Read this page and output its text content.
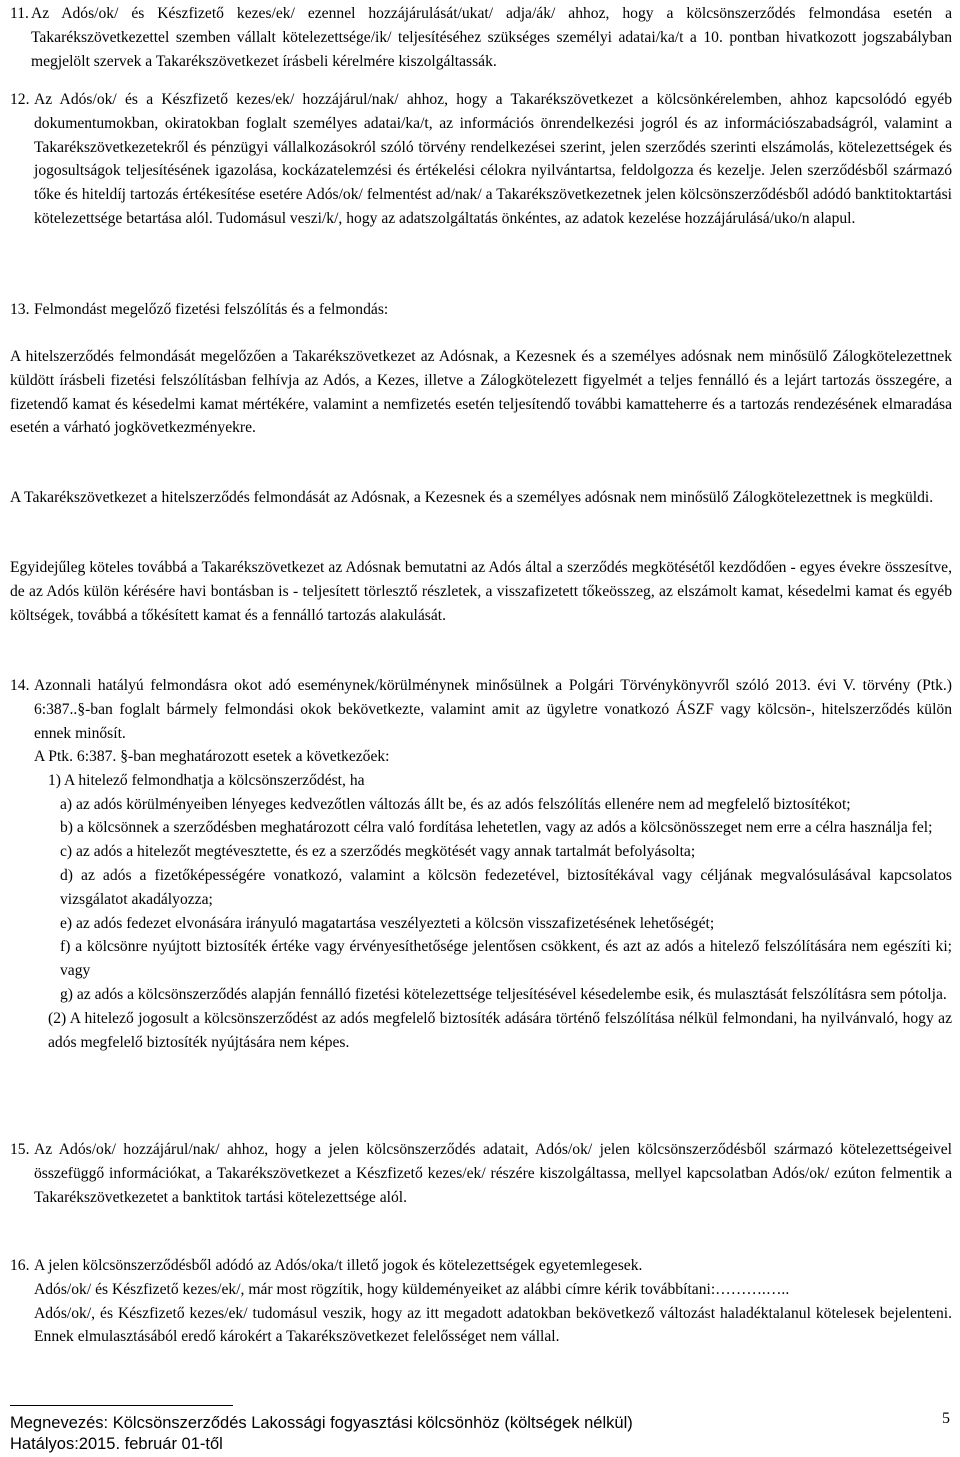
11. Az Adós/ok/ és Készfizető kezes/ek/ ezennel hozzájárulását/ukat/ adja/ák/ ahhoz, hogy a kölcsönszerződés felmondása esetén a Takarékszövetkezettel szemben vállalt kötelezettsége/ik/ teljesítéséhez szükséges személyi adatai/ka/t a 10. pontban hivatkozott jogszabályban megjelölt szervek a Takarékszövetkezet írásbeli kérelmére kiszolgáltassák.
12. Az Adós/ok/ és a Készfizető kezes/ek/ hozzájárul/nak/ ahhoz, hogy a Takarékszövetkezet a kölcsönkérelemben, ahhoz kapcsolódó egyéb dokumentumokban, okiratokban foglalt személyes adatai/ka/t, az információs önrendelkezési jogról és az információszabadságról, valamint a Takarékszövetkezetekről és pénzügyi vállalkozásokról szóló törvény rendelkezései szerint, jelen szerződés szerinti elszámolás, kötelezettségek és jogosultságok teljesítésének igazolása, kockázatelemzési és értékelési célokra nyilvántartsa, feldolgozza és kezelje. Jelen szerződésből származó tőke és hiteldíj tartozás értékesítése esetére Adós/ok/ felmentést ad/nak/ a Takarékszövetkezetnek jelen kölcsönszerződésből adódó banktitoktartási kötelezettsége betartása alól. Tudomásul veszi/k/, hogy az adatszolgáltatás önkéntes, az adatok kezelése hozzájárulásá/uko/n alapul.
13. Felmondást megelőző fizetési felszólítás és a felmondás:

A hitelszerződés felmondását megelőzően a Takarékszövetkezet az Adósnak, a Kezesnek és a személyes adósnak nem minősülő Zálogkötelezettnek küldött írásbeli fizetési felszólításban felhívja az Adós, a Kezes, illetve a Zálogkötelezett figyelmét a teljes fennálló és a lejárt tartozás összegére, a fizetendő kamat és késedelmi kamat mértékére, valamint a nemfizetés esetén teljesítendő további kamatteherre és a tartozás rendezésének elmaradása esetén a várható jogkövetkezményekre.

A Takarékszövetkezet a hitelszerződés felmondását az Adósnak, a Kezesnek és a személyes adósnak nem minősülő Zálogkötelezettnek is megküldi.

Egyidejűleg köteles továbbá a Takarékszövetkezet az Adósnak bemutatni az Adós által a szerződés megkötésétől kezdődően - egyes évekre összesítve, de az Adós külön kérésére havi bontásban is - teljesített törlesztő részletek, a visszafizetett tőkeösszeg, az elszámolt kamat, késedelmi kamat és egyéb költségek, továbbá a tőkésített kamat és a fennálló tartozás alakulását.

14. Azonnali hatályú felmondásra okot adó eseménynek/körülménynek minősülnek a Polgári Törvénykönyvről szóló 2013. évi V. törvény (Ptk.) 6:387..§-ban foglalt bármely felmondási okok bekövetkezte, valamint amit az ügyletre vonatkozó ÁSZF vagy kölcsön-, hitelszerződés külön ennek minősít.
A Ptk. 6:387. §-ban meghatározott esetek a következőek:
1) A hitelező felmondhatja a kölcsönszerződést, ha
a) az adós körülményeiben lényeges kedvezőtlen változás állt be, és az adós felszólítás ellenére nem ad megfelelő biztosítékot;
b) a kölcsönnek a szerződésben meghatározott célra való fordítása lehetetlen, vagy az adós a kölcsönösszeget nem erre a célra használja fel;
c) az adós a hitelezőt megtévesztette, és ez a szerződés megkötését vagy annak tartalmát befolyásolta;
d) az adós a fizetőképességére vonatkozó, valamint a kölcsön fedezetével, biztosítékával vagy céljának megvalósulásával kapcsolatos vizsgálatot akadályozza;
e) az adós fedezet elvonására irányuló magatartása veszélyezteti a kölcsön visszafizetésének lehetőségét;
f) a kölcsönre nyújtott biztosíték értéke vagy érvényesíthetősége jelentősen csökkent, és azt az adós a hitelező felszólítására nem egészíti ki; vagy
g) az adós a kölcsönszerződés alapján fennálló fizetési kötelezettsége teljesítésével késedelembe esik, és mulasztását felszólításra sem pótolja.
(2) A hitelező jogosult a kölcsönszerződést az adós megfelelő biztosíték adására történő felszólítása nélkül felmondani, ha nyilvánvaló, hogy az adós megfelelő biztosíték nyújtására nem képes.
15. Az Adós/ok/ hozzájárul/nak/ ahhoz, hogy a jelen kölcsönszerződés adatait, Adós/ok/ jelen kölcsönszerződésből származó kötelezettségeivel összefüggő információkat, a Takarékszövetkezet a Készfizető kezes/ek/ részére kiszolgáltassa, mellyel kapcsolatban Adós/ok/ ezúton felmentik a Takarékszövetkezetet a banktitok tartási kötelezettsége alól.
16. A jelen kölcsönszerződésből adódó az Adós/oka/t illető jogok és kötelezettségek egyetemlegesek.
Adós/ok/ és Készfizető kezes/ek/, már most rögzítik, hogy küldeményeiket az alábbi címre kérik továbbítani:……….…..
Adós/ok/, és Készfizető kezes/ek/ tudomásul veszik, hogy az itt megadott adatokban bekövetkező változást haladéktalanul kötelesek bejelenteni. Ennek elmulasztásából eredő károkért a Takarékszövetkezet felelősséget nem vállal.
Megnevezés: Kölcsönszerződés Lakossági fogyasztási kölcsönhöz (költségek nélkül)
Hatályos:2015. február 01-től
5
